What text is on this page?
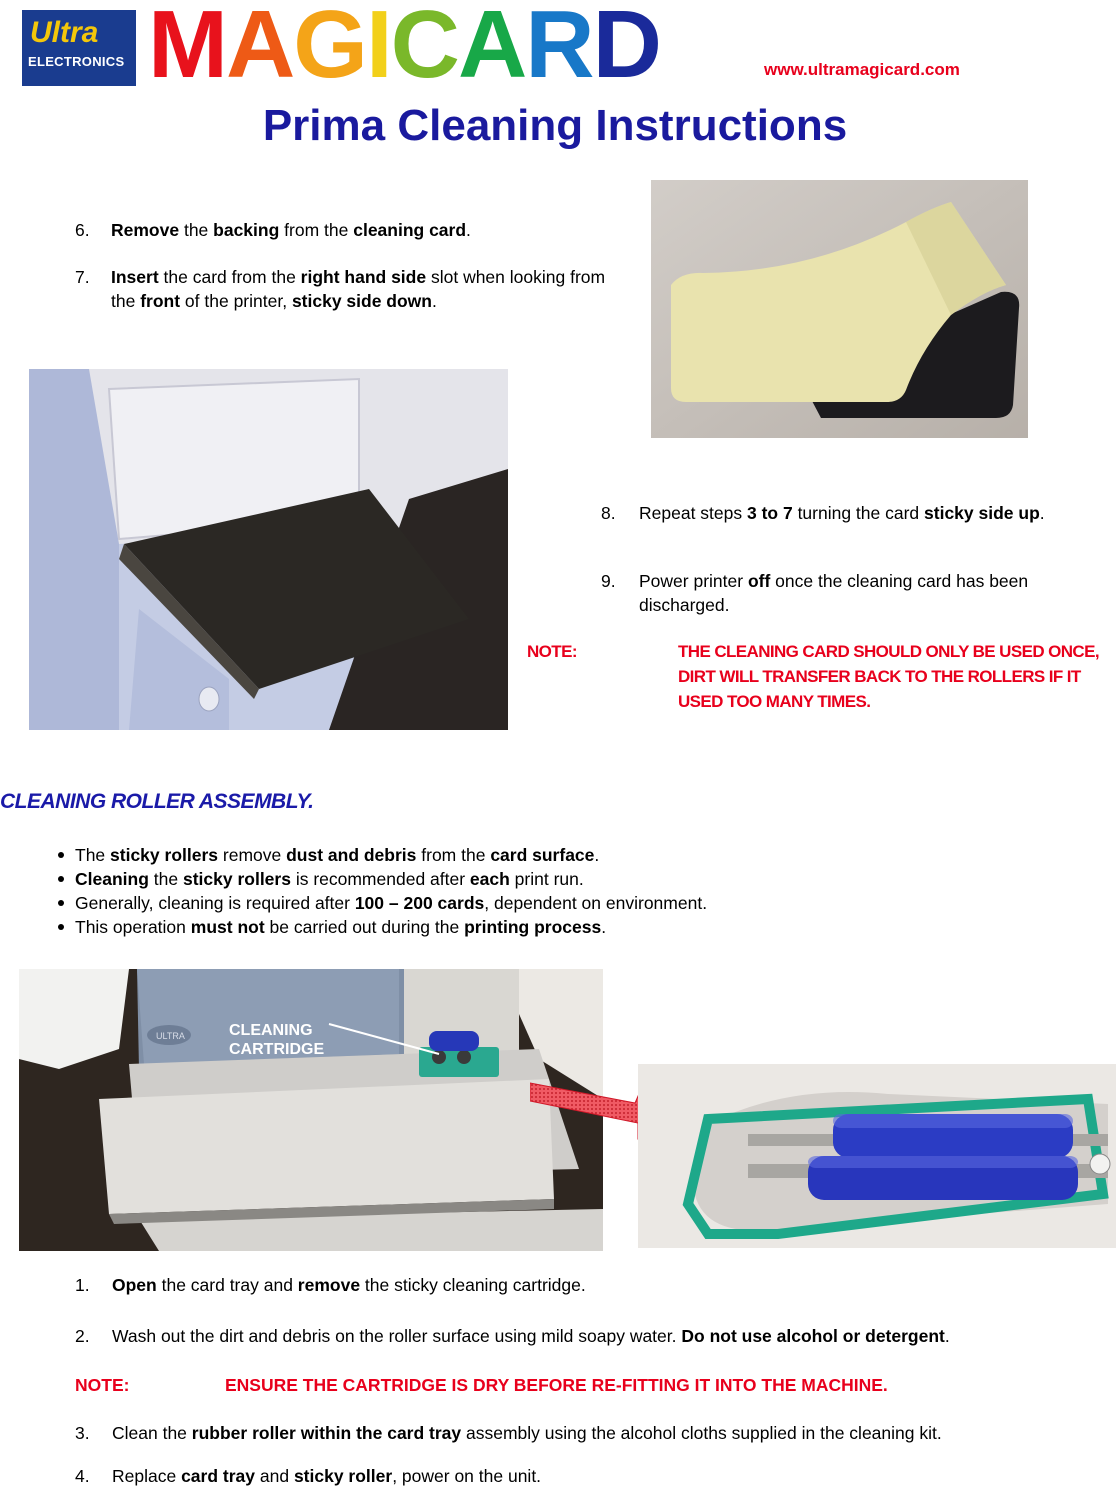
Ultra
ELECTRONICS MAGICARD	www.ultramagicard.com
Prima Cleaning Instructions
6. Remove the backing from the cleaning card.
7. Insert the card from the right hand side slot when looking from the front of the printer, sticky side down.
8. Repeat steps 3 to 7 turning the card sticky side up.
9. Power printer off once the cleaning card has been discharged.
NOTE:	THE CLEANING CARD SHOULD ONLY BE USED ONCE, DIRT WILL TRANSFER BACK TO THE ROLLERS IF IT USED TOO MANY TIMES.
CLEANING ROLLER ASSEMBLY.
The sticky rollers remove dust and debris from the card surface.
Cleaning the sticky rollers is recommended after each print run.
Generally, cleaning is required after 100 – 200 cards, dependent on environment.
This operation must not be carried out during the printing process.
ULTRA	CLEANING
CARTRIDGE
1. Open the card tray and remove the sticky cleaning cartridge.
2. Wash out the dirt and debris on the roller surface using mild soapy water. Do not use alcohol or detergent.
NOTE:	ENSURE THE CARTRIDGE IS DRY BEFORE RE-FITTING IT INTO THE MACHINE.
3. Clean the rubber roller within the card tray assembly using the alcohol cloths supplied in the cleaning kit.
4. Replace card tray and sticky roller, power on the unit.
